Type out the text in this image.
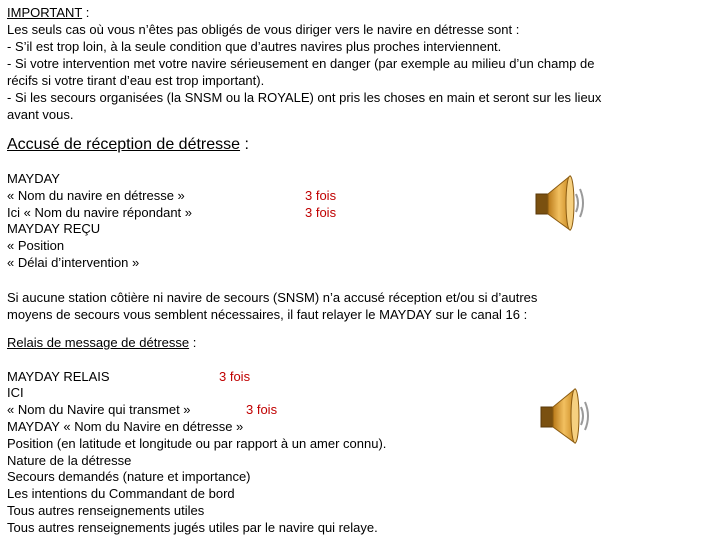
IMPORTANT :
Les seuls cas où vous n’êtes pas obligés de vous diriger vers le navire en détresse sont :
- S’il est trop loin, à la seule condition que d’autres navires plus proches interviennent.
- Si votre intervention met votre navire sérieusement en danger (par exemple au milieu d’un champ de
récifs si votre tirant d’eau est trop important).
- Si les secours organisées (la SNSM ou la ROYALE) ont pris les choses en main et seront sur les lieux
avant vous.
Accusé de réception de détresse :
MAYDAY
« Nom du navire en détresse »
Ici « Nom du navire répondant »
MAYDAY REÇU
« Position
« Délai d’intervention »
3 fois
3 fois
Si aucune station côtière ni navire de secours (SNSM) n’a accusé réception et/ou si d’autres
moyens de secours vous semblent nécessaires, il faut relayer le MAYDAY sur le canal 16 :
Relais de message de détresse :
MAYDAY RELAIS	3 fois
ICI
« Nom du Navire qui transmet »	3 fois
MAYDAY « Nom du Navire en détresse »
Position (en latitude et longitude ou par rapport à un amer connu).
Nature de la détresse
Secours demandés (nature et importance)
Les intentions du Commandant de bord
Tous autres renseignements utiles
Tous autres renseignements jugés utiles par le navire qui relaye.
